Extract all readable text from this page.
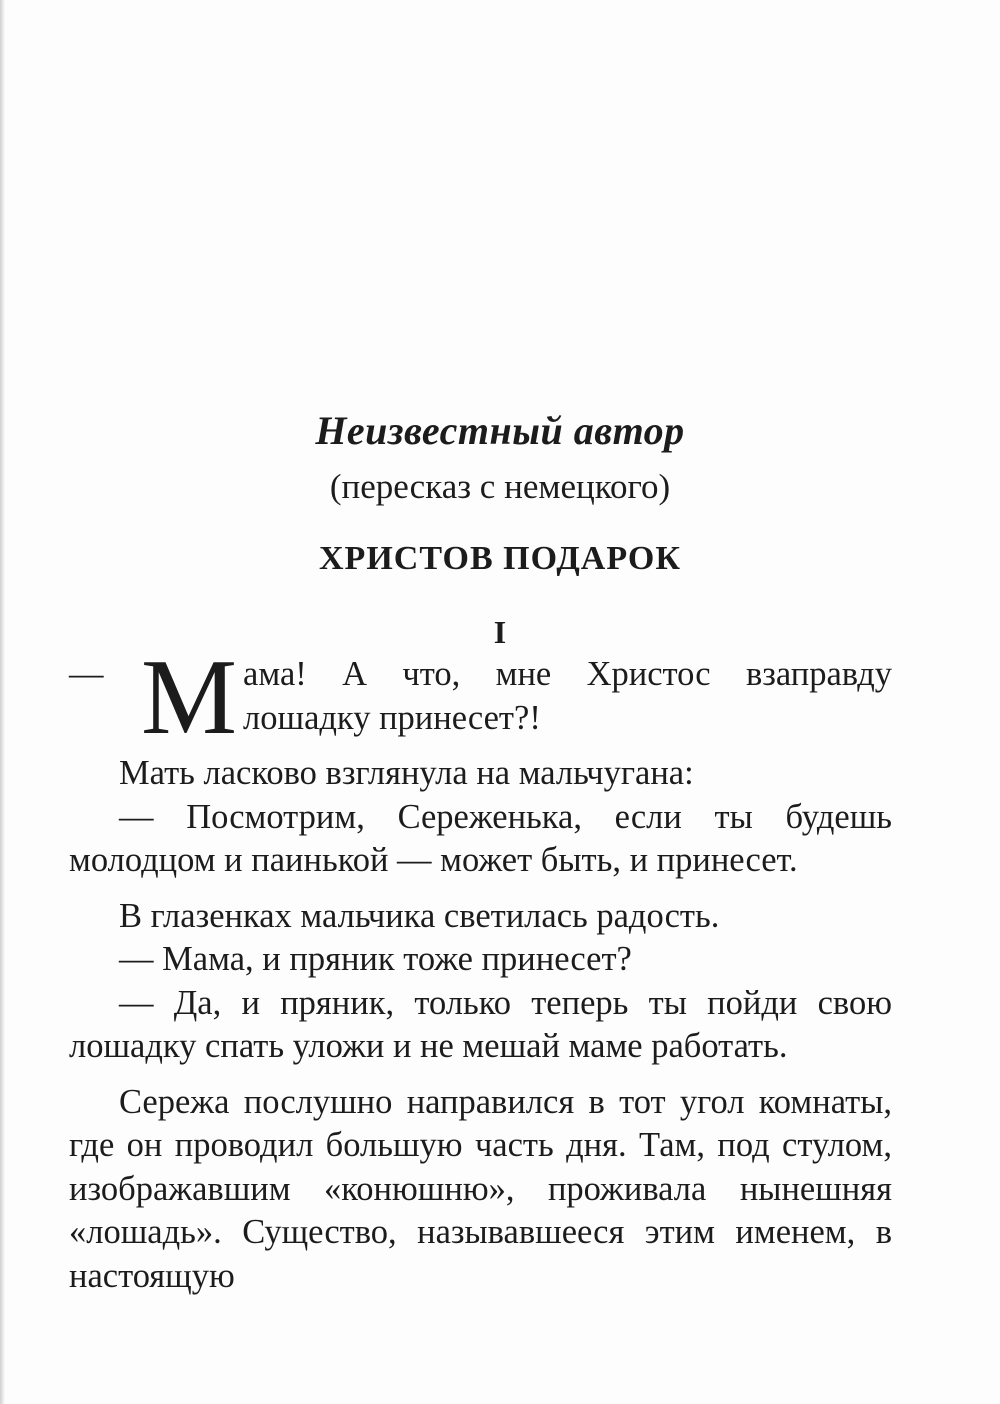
Неизвестный автор
(пересказ с немецкого)
ХРИСТОВ ПОДАРОК
I
— М ама! А что, мне Христос взаправду лошадку принесет?!

Мать ласково взглянула на мальчугана:

— Посмотрим, Сереженька, если ты будешь молодцом и паинькой — может быть, и принесет.

В глазенках мальчика светилась радость.

— Мама, и пряник тоже принесет?

— Да, и пряник, только теперь ты пойди свою лошадку спать уложи и не мешай маме работать.

Сережа послушно направился в тот угол комнаты, где он проводил большую часть дня. Там, под стулом, изображавшим «конюшню», проживала нынешняя «лошадь». Существо, называвшееся этим именем, в настоящую
